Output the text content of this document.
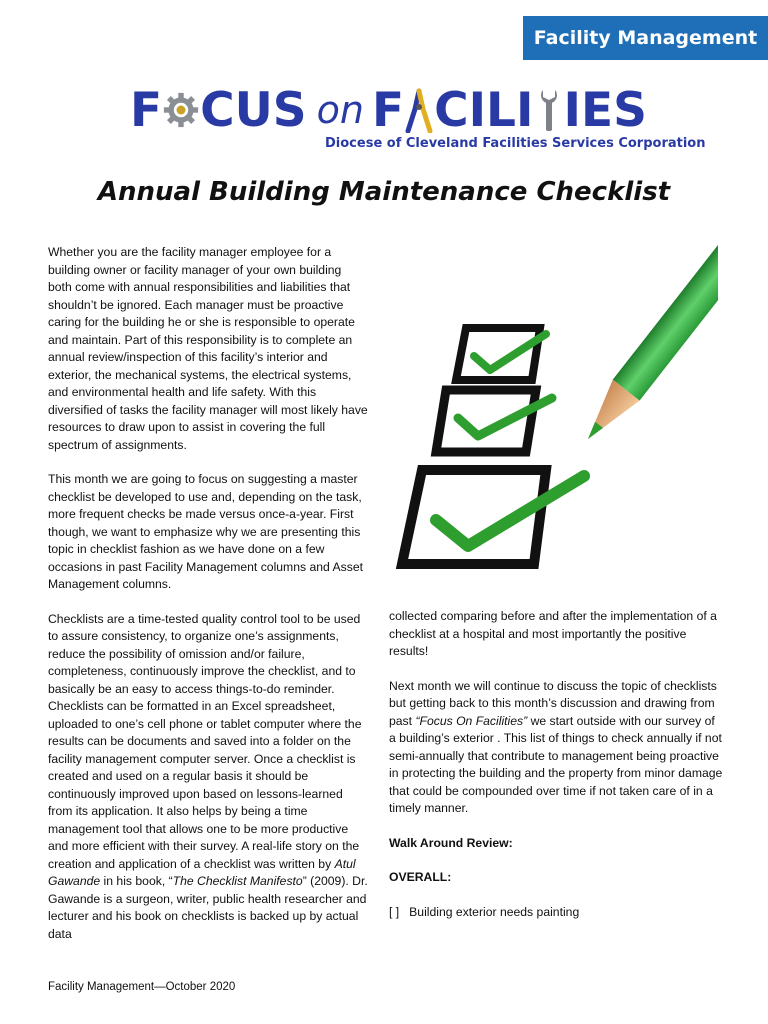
Facility Management
F CUS on F CILI IES
Diocese of Cleveland Facilities Services Corporation
Annual Building Maintenance Checklist

Whether you are the facility manager employee for a building owner or facility manager of your own building both come with annual responsibilities and liabilities that shouldn’t be ignored. Each manager must be proactive caring for the building he or she is responsible to operate and maintain. Part of this responsibility is to complete an annual review/inspection of this facility’s interior and exterior, the mechanical systems, the electrical systems, and environmental health and life safety. With this diversified of tasks the facility manager will most likely have resources to draw upon to assist in covering the full spectrum of assignments.

This month we are going to focus on suggesting a master checklist be developed to use and, depending on the task, more frequent checks be made versus once-a-year. First though, we want to emphasize why we are presenting this topic in checklist fashion as we have done on a few occasions in past Facility Management columns and Asset Management columns.

Checklists are a time-tested quality control tool to be used to assure consistency, to organize one’s assignments, reduce the possibility of omission and/or failure, completeness, continuously improve the checklist, and to basically be an easy to access things-to-do reminder. Checklists can be formatted in an Excel spreadsheet, uploaded to one’s cell phone or tablet computer where the results can be documents and saved into a folder on the facility management computer server. Once a checklist is created and used on a regular basis it should be continuously improved upon based on lessons-learned from its application. It also helps by being a time management tool that allows one to be more productive and more efficient with their survey. A real-life story on the creation and application of a checklist was written by Atul Gawande in his book, “The Checklist Manifesto” (2009). Dr. Gawande is a surgeon, writer, public health researcher and lecturer and his book on checklists is backed up by actual data

collected comparing before and after the implementation of a checklist at a hospital and most importantly the positive results!

Next month we will continue to discuss the topic of checklists but getting back to this month’s discussion and drawing from past “Focus On Facilities” we start outside with our survey of a building’s exterior . This list of things to check annually if not semi-annually that contribute to management being proactive in protecting the building and the property from minor damage that could be compounded over time if not taken care of in a timely manner.

Walk Around Review:

OVERALL:

[ ] Building exterior needs painting
Facility Management—October 2020
